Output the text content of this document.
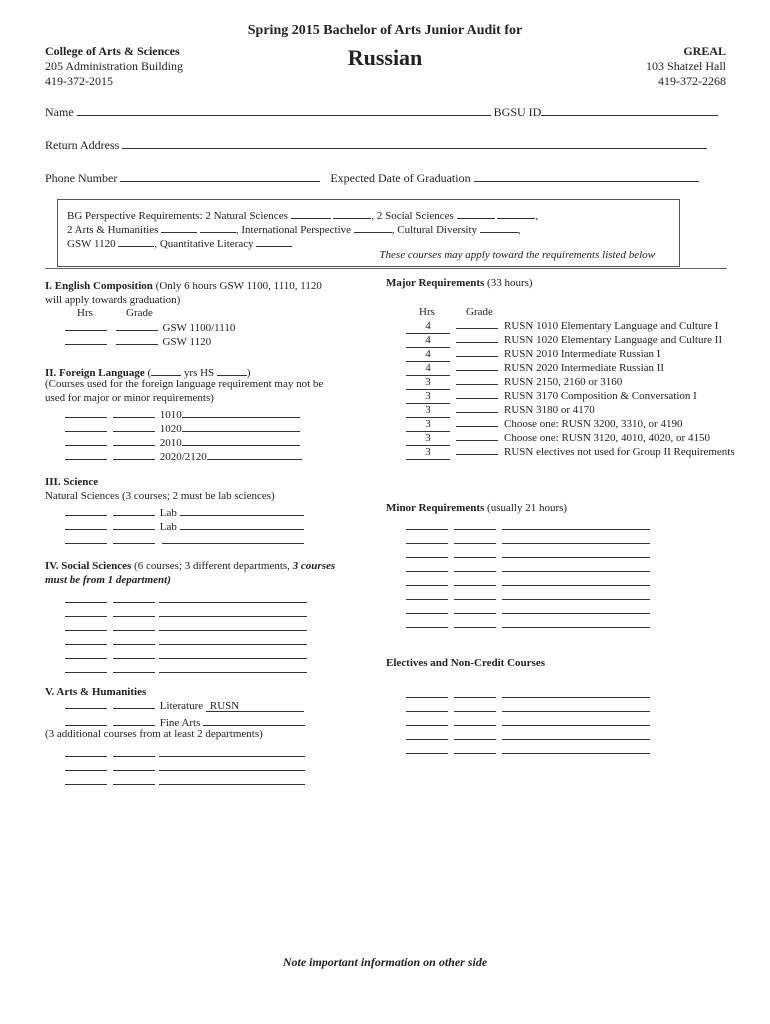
Spring 2015 Bachelor of Arts Junior Audit for
Russian
College of Arts & Sciences
205 Administration Building
419-372-2015
GREAL
103 Shatzel Hall
419-372-2268
Name	BGSU ID
Return Address
Phone Number	Expected Date of Graduation
BG Perspective Requirements: 2 Natural Sciences	, 2 Social Sciences	,
2 Arts & Humanities	, International Perspective	, Cultural Diversity	,
GSW 1120	, Quantitative Literacy
These courses may apply toward the requirements listed below
I. English Composition (Only 6 hours GSW 1100, 1110, 1120
will apply towards graduation)
Hrs	Grade
GSW 1100/1110
GSW 1120
II. Foreign Language (	yrs HS	)
(Courses used for the foreign language requirement may not be
used for major or minor requirements)
1010
1020
2010
2020/2120
III. Science
Natural Sciences (3 courses; 2 must be lab sciences)
Lab
Lab

IV. Social Sciences (6 courses; 3 different departments, 3 courses
must be from 1 department)
V. Arts & Humanities
Literature RUSN
Fine Arts
(3 additional courses from at least 2 departments)
Major Requirements (33 hours)
Hrs	Grade
4	RUSN 1010 Elementary Language and Culture I
4	RUSN 1020 Elementary Language and Culture II
4	RUSN 2010 Intermediate Russian I
4	RUSN 2020 Intermediate Russian II
3	RUSN 2150, 2160 or 3160
3	RUSN 3170 Composition & Conversation I
3	RUSN 3180 or 4170
3	Choose one: RUSN 3200, 3310, or 4190
3	Choose one: RUSN 3120, 4010, 4020, or 4150
3	RUSN electives not used for Group II Requirements
Minor Requirements (usually 21 hours)
Electives and Non-Credit Courses
Note important information on other side
